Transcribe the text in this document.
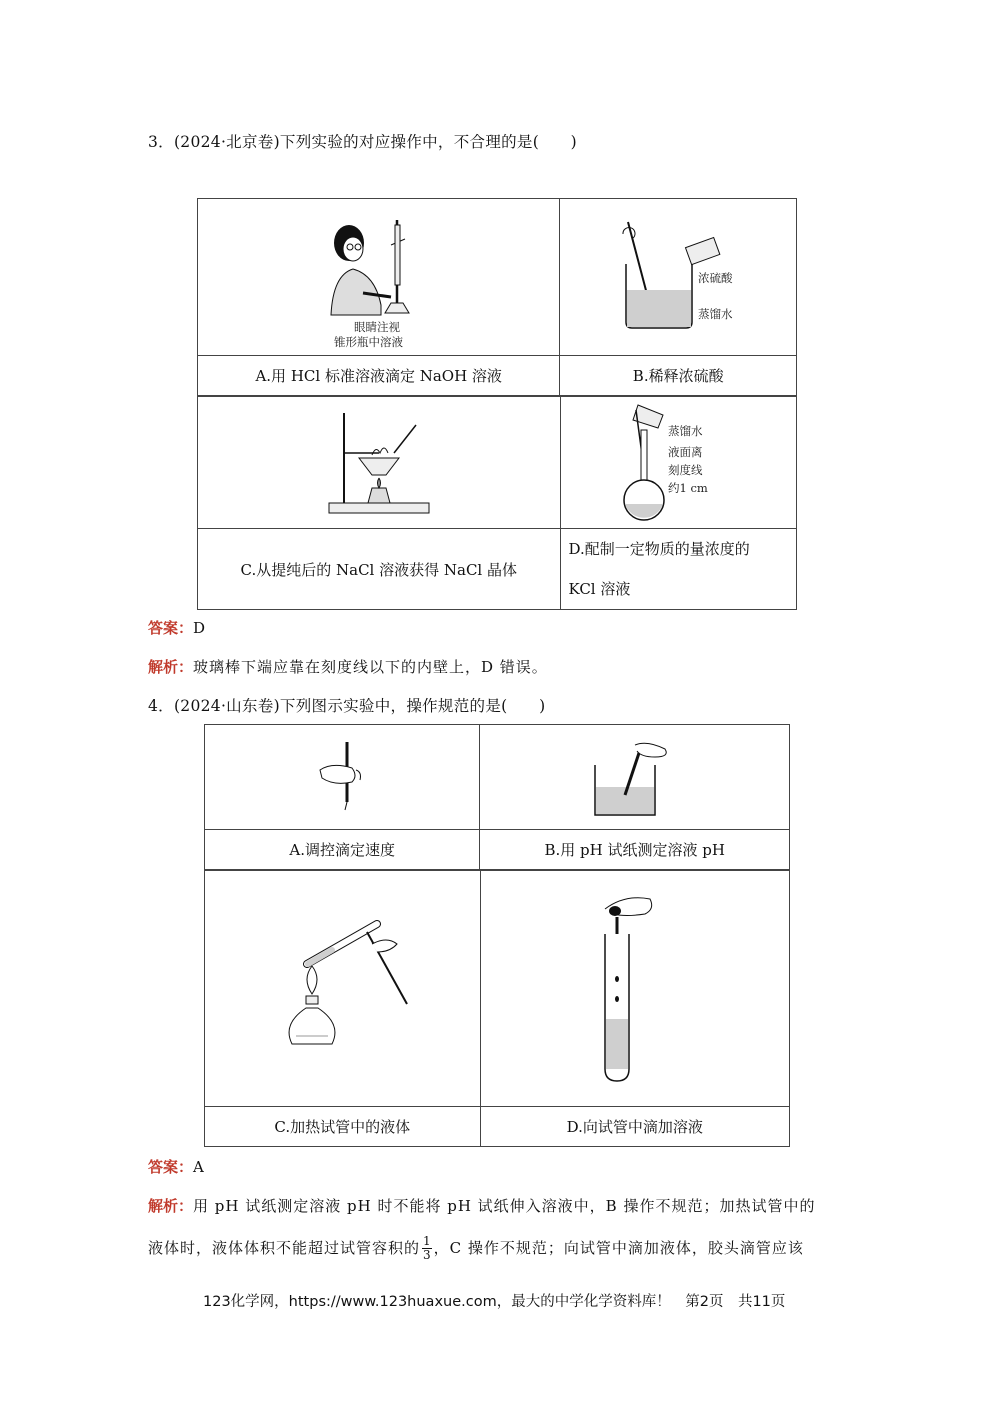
3．(2024·北京卷)下列实验的对应操作中，不合理的是(　　)
眼睛注视
锥形瓶中溶液	浓硫酸
蒸馏水

A.用 HCl 标准溶液滴定 NaOH 溶液	B.稀释浓硫酸

蒸馏水
液面离
刻度线
约1 cm

C.从提纯后的 NaCl 溶液获得 NaCl 晶体	D.配制一定物质的量浓度的
KCl 溶液
答案：D
解析：玻璃棒下端应靠在刻度线以下的内壁上，D 错误。
4．(2024·山东卷)下列图示实验中，操作规范的是(　　)

A.调控滴定速度	B.用 pH 试纸测定溶液 pH

C.加热试管中的液体	D.向试管中滴加溶液
答案：A
解析：用 pH 试纸测定溶液 pH 时不能将 pH 试纸伸入溶液中，B 操作不规范；加热试管中的
液体时，液体体积不能超过试管容积的 $\frac{1}{3}$ ，C 操作不规范；向试管中滴加液体，胶头滴管应该
123化学网，https://www.123huaxue.com，最大的中学化学资料库！　第2页　共11页
